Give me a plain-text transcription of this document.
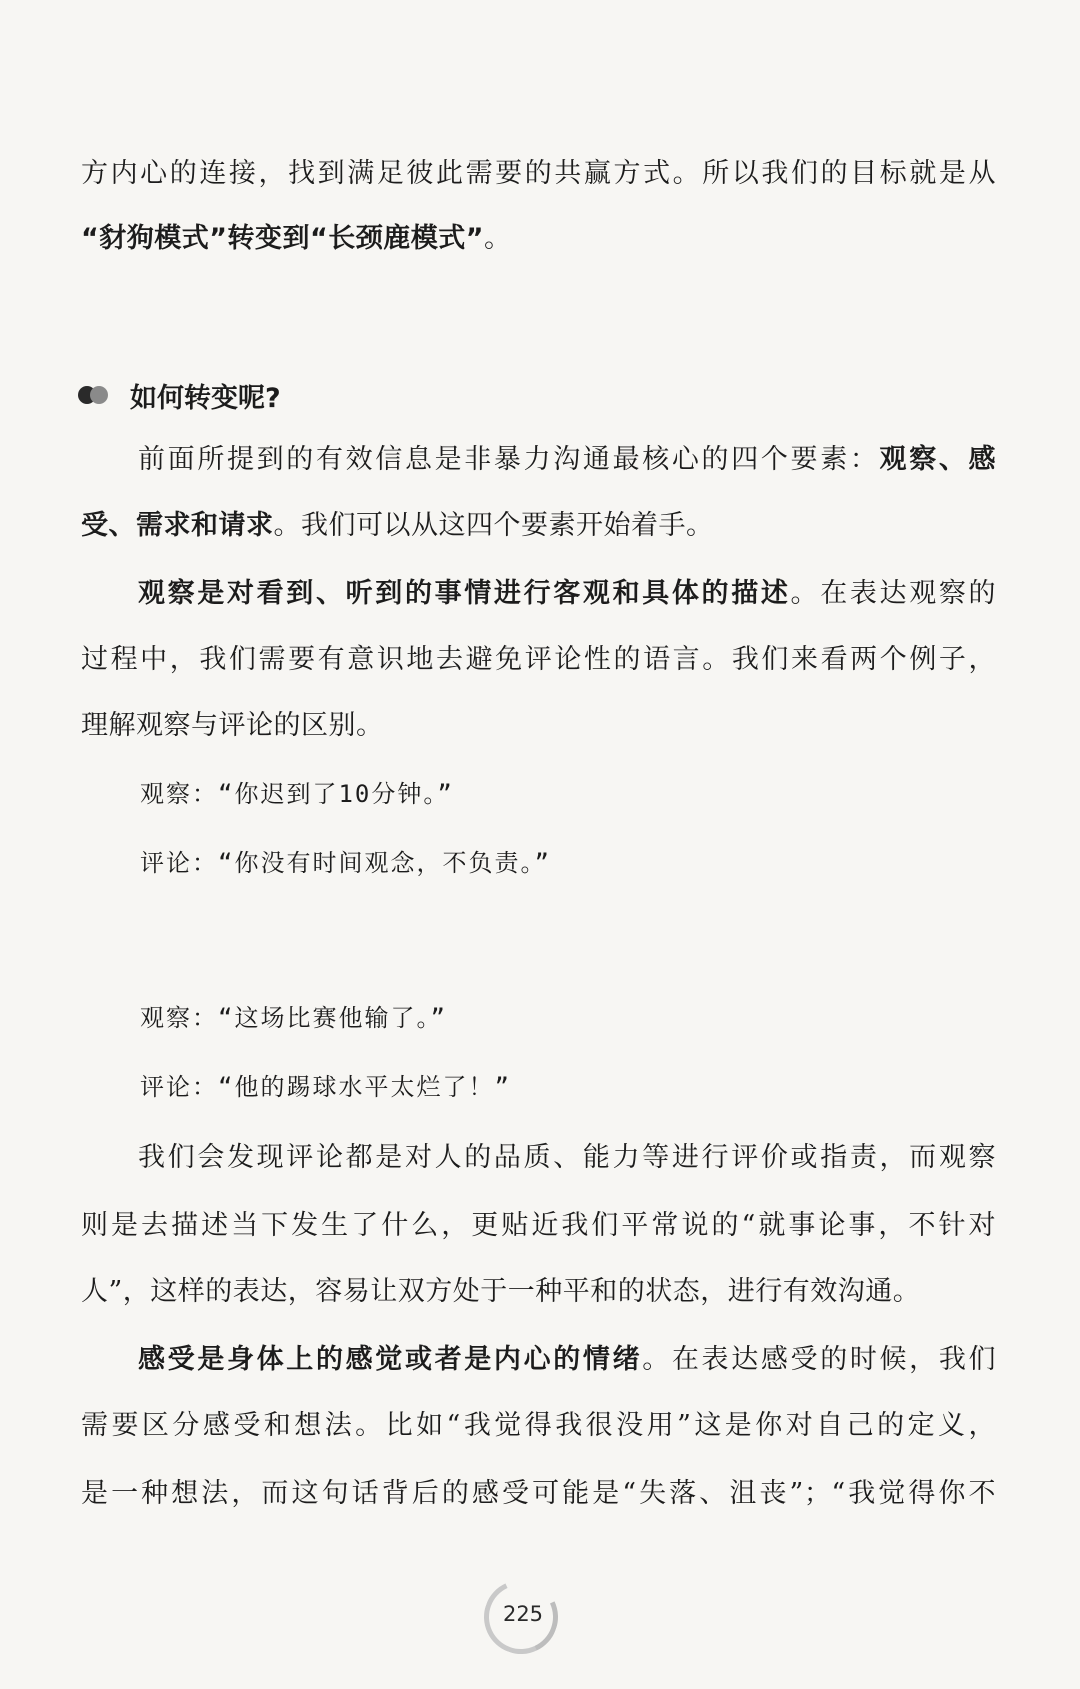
方内心的连接，找到满足彼此需要的共赢方式。所以我们的目标就是从
“豺狗模式”转变到“长颈鹿模式”。
如何转变呢?
前面所提到的有效信息是非暴力沟通最核心的四个要素：观察、感
受、需求和请求。我们可以从这四个要素开始着手。
观察是对看到、听到的事情进行客观和具体的描述。在表达观察的
过程中，我们需要有意识地去避免评论性的语言。我们来看两个例子，
理解观察与评论的区别。
观察：“你迟到了10分钟。”
评论：“你没有时间观念，不负责。”
观察：“这场比赛他输了。”
评论：“他的踢球水平太烂了！”
我们会发现评论都是对人的品质、能力等进行评价或指责，而观察
则是去描述当下发生了什么，更贴近我们平常说的“就事论事，不针对
人”，这样的表达，容易让双方处于一种平和的状态，进行有效沟通。
感受是身体上的感觉或者是内心的情绪。在表达感受的时候，我们
需要区分感受和想法。比如“我觉得我很没用”这是你对自己的定义，
是一种想法，而这句话背后的感受可能是“失落、沮丧”；“我觉得你不
225
